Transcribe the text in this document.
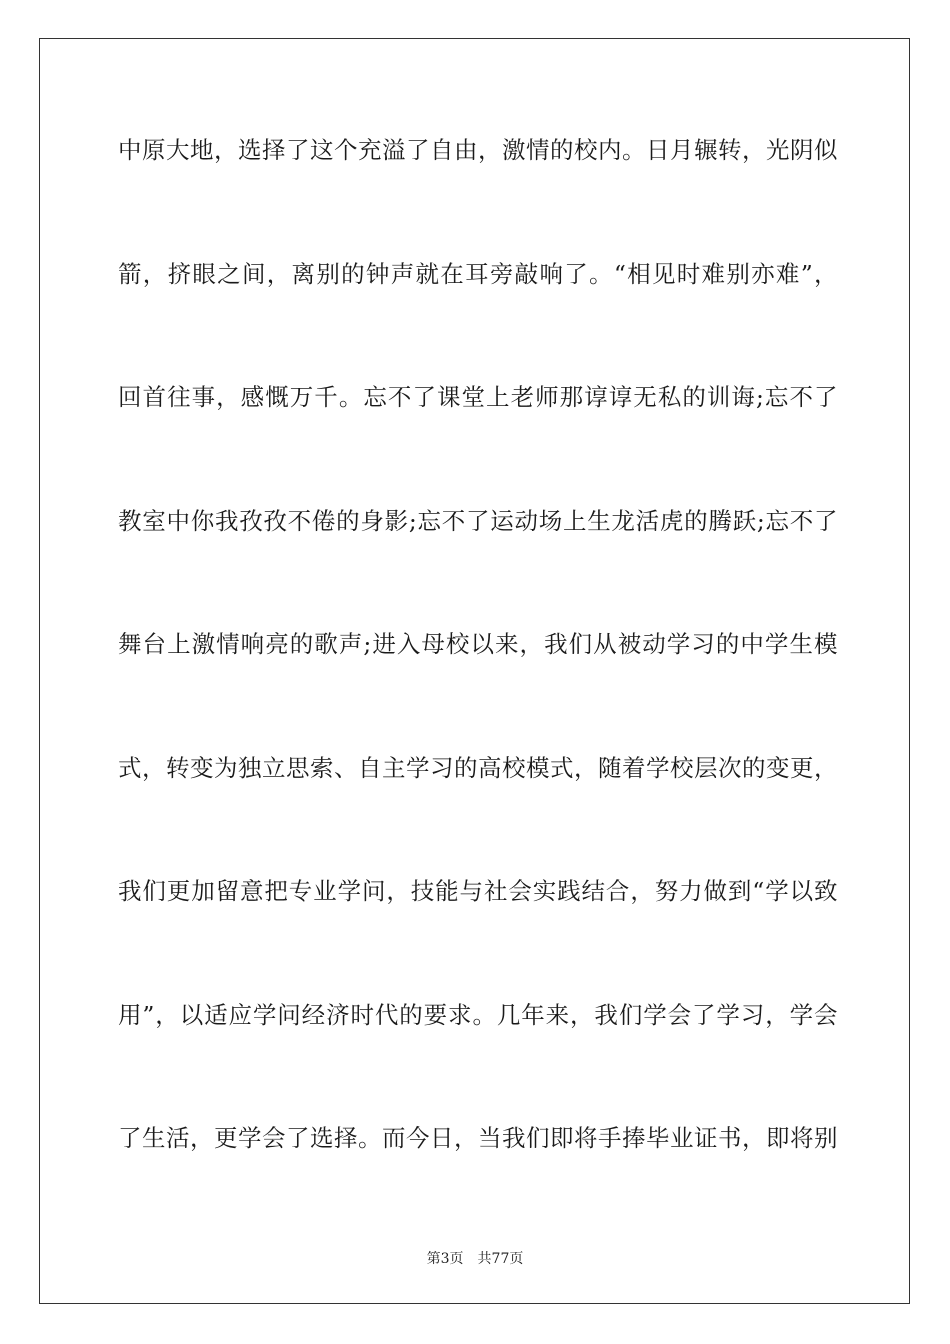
中原大地，选择了这个充溢了自由，激情的校内。日月辗转，光阴似
箭，挤眼之间，离别的钟声就在耳旁敲响了。“相见时难别亦难”，
回首往事，感慨万千。忘不了课堂上老师那谆谆无私的训诲;忘不了
教室中你我孜孜不倦的身影;忘不了运动场上生龙活虎的腾跃;忘不了
舞台上激情响亮的歌声;进入母校以来，我们从被动学习的中学生模
式，转变为独立思索、自主学习的高校模式，随着学校层次的变更，
我们更加留意把专业学问，技能与社会实践结合，努力做到“学以致
用”，以适应学问经济时代的要求。几年来，我们学会了学习，学会
了生活，更学会了选择。而今日，当我们即将手捧毕业证书，即将别
第3页 共77页
